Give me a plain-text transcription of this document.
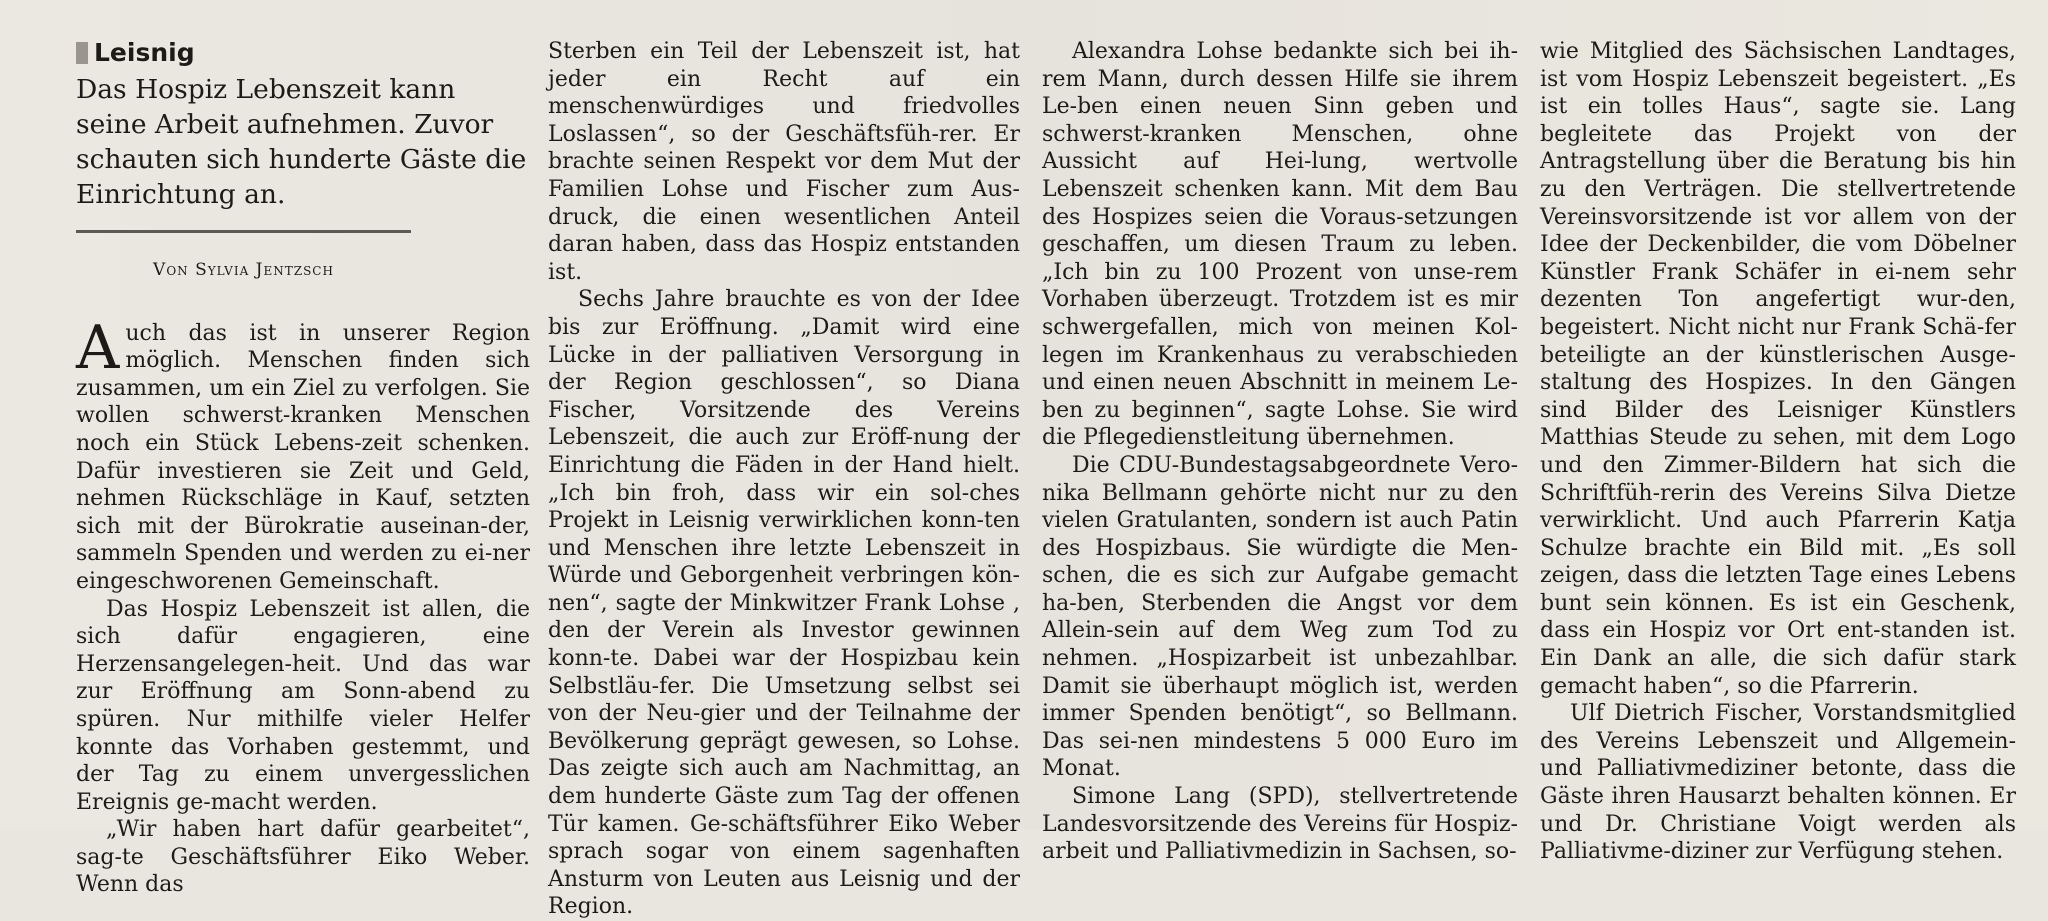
Leisnig
Das Hospiz Lebenszeit kann seine Arbeit aufnehmen. Zuvor schauten sich hunderte Gäste die Einrichtung an.
Von Sylvia Jentzsch

Auch das ist in unserer Region möglich. Menschen finden sich zusammen, um ein Ziel zu verfolgen. Sie wollen schwerst-kranken Menschen noch ein Stück Lebens-zeit schenken. Dafür investieren sie Zeit und Geld, nehmen Rückschläge in Kauf, setzten sich mit der Bürokratie auseinan-der, sammeln Spenden und werden zu ei-ner eingeschworenen Gemeinschaft.

Das Hospiz Lebenszeit ist allen, die sich dafür engagieren, eine Herzensangelegen-heit. Und das war zur Eröffnung am Sonn-abend zu spüren. Nur mithilfe vieler Helfer konnte das Vorhaben gestemmt, und der Tag zu einem unvergesslichen Ereignis ge-macht werden.

„Wir haben hart dafür gearbeitet“, sag-te Geschäftsführer Eiko Weber. Wenn das

Sterben ein Teil der Lebenszeit ist, hat jeder ein Recht auf ein menschenwürdiges und friedvolles Loslassen“, so der Geschäftsfüh-rer. Er brachte seinen Respekt vor dem Mut der Familien Lohse und Fischer zum Aus-druck, die einen wesentlichen Anteil daran haben, dass das Hospiz entstanden ist.

Sechs Jahre brauchte es von der Idee bis zur Eröffnung. „Damit wird eine Lücke in der palliativen Versorgung in der Region geschlossen“, so Diana Fischer, Vorsitzende des Vereins Lebenszeit, die auch zur Eröff-nung der Einrichtung die Fäden in der Hand hielt. „Ich bin froh, dass wir ein sol-ches Projekt in Leisnig verwirklichen konn-ten und Menschen ihre letzte Lebenszeit in Würde und Geborgenheit verbringen kön-nen“, sagte der Minkwitzer Frank Lohse , den der Verein als Investor gewinnen konn-te. Dabei war der Hospizbau kein Selbstläu-fer. Die Umsetzung selbst sei von der Neu-gier und der Teilnahme der Bevölkerung geprägt gewesen, so Lohse. Das zeigte sich auch am Nachmittag, an dem hunderte Gäste zum Tag der offenen Tür kamen. Ge-schäftsführer Eiko Weber sprach sogar von einem sagenhaften Ansturm von Leuten aus Leisnig und der Region.

Alexandra Lohse bedankte sich bei ih-rem Mann, durch dessen Hilfe sie ihrem Le-ben einen neuen Sinn geben und schwerst-kranken Menschen, ohne Aussicht auf Hei-lung, wertvolle Lebenszeit schenken kann. Mit dem Bau des Hospizes seien die Voraus-setzungen geschaffen, um diesen Traum zu leben. „Ich bin zu 100 Prozent von unse-rem Vorhaben überzeugt. Trotzdem ist es mir schwergefallen, mich von meinen Kol-legen im Krankenhaus zu verabschieden und einen neuen Abschnitt in meinem Le-ben zu beginnen“, sagte Lohse. Sie wird die Pflegedienstleitung übernehmen.

Die CDU-Bundestagsabgeordnete Vero-nika Bellmann gehörte nicht nur zu den vielen Gratulanten, sondern ist auch Patin des Hospizbaus. Sie würdigte die Men-schen, die es sich zur Aufgabe gemacht ha-ben, Sterbenden die Angst vor dem Allein-sein auf dem Weg zum Tod zu nehmen. „Hospizarbeit ist unbezahlbar. Damit sie überhaupt möglich ist, werden immer Spenden benötigt“, so Bellmann. Das sei-nen mindestens 5 000 Euro im Monat.

Simone Lang (SPD), stellvertretende Landesvorsitzende des Vereins für Hospiz-arbeit und Palliativmedizin in Sachsen, so-

wie Mitglied des Sächsischen Landtages, ist vom Hospiz Lebenszeit begeistert. „Es ist ein tolles Haus“, sagte sie. Lang begleitete das Projekt von der Antragstellung über die Beratung bis hin zu den Verträgen. Die stellvertretende Vereinsvorsitzende ist vor allem von der Idee der Deckenbilder, die vom Döbelner Künstler Frank Schäfer in ei-nem sehr dezenten Ton angefertigt wur-den, begeistert. Nicht nicht nur Frank Schä-fer beteiligte an der künstlerischen Ausge-staltung des Hospizes. In den Gängen sind Bilder des Leisniger Künstlers Matthias Steude zu sehen, mit dem Logo und den Zimmer-Bildern hat sich die Schriftfüh-rerin des Vereins Silva Dietze verwirklicht. Und auch Pfarrerin Katja Schulze brachte ein Bild mit. „Es soll zeigen, dass die letzten Tage eines Lebens bunt sein können. Es ist ein Geschenk, dass ein Hospiz vor Ort ent-standen ist. Ein Dank an alle, die sich dafür stark gemacht haben“, so die Pfarrerin.

Ulf Dietrich Fischer, Vorstandsmitglied des Vereins Lebenszeit und Allgemein- und Palliativmediziner betonte, dass die Gäste ihren Hausarzt behalten können. Er und Dr. Christiane Voigt werden als Palliativme-diziner zur Verfügung stehen.
